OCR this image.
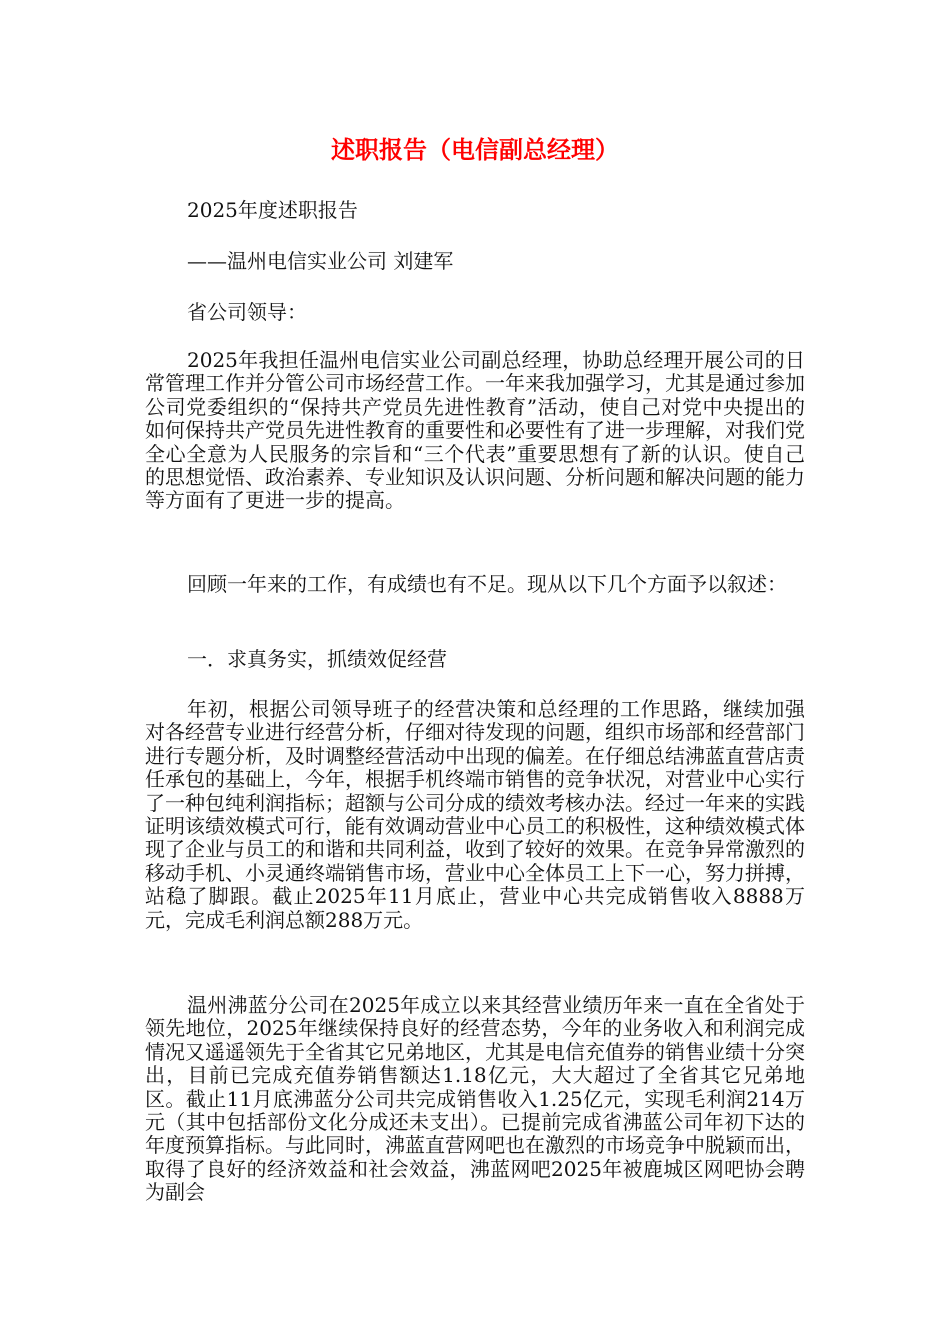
述职报告（电信副总经理）

2025年度述职报告

——温州电信实业公司 刘建军

省公司领导：

2025年我担任温州电信实业公司副总经理，协助总经理开展公司的日常管理工作并分管公司市场经营工作。一年来我加强学习，尤其是通过参加公司党委组织的“保持共产党员先进性教育”活动，使自己对党中央提出的如何保持共产党员先进性教育的重要性和必要性有了进一步理解，对我们党全心全意为人民服务的宗旨和“三个代表”重要思想有了新的认识。使自己的思想觉悟、政治素养、专业知识及认识问题、分析问题和解决问题的能力等方面有了更进一步的提高。

回顾一年来的工作，有成绩也有不足。现从以下几个方面予以叙述：

一．求真务实，抓绩效促经营

年初，根据公司领导班子的经营决策和总经理的工作思路，继续加强对各经营专业进行经营分析，仔细对待发现的问题，组织市场部和经营部门进行专题分析，及时调整经营活动中出现的偏差。在仔细总结沸蓝直营店责任承包的基础上，今年，根据手机终端市销售的竞争状况，对营业中心实行了一种包纯利润指标；超额与公司分成的绩效考核办法。经过一年来的实践证明该绩效模式可行，能有效调动营业中心员工的积极性，这种绩效模式体现了企业与员工的和谐和共同利益，收到了较好的效果。在竞争异常激烈的移动手机、小灵通终端销售市场，营业中心全体员工上下一心，努力拼搏，站稳了脚跟。截止2025年11月底止，营业中心共完成销售收入8888万元，完成毛利润总额288万元。

温州沸蓝分公司在2025年成立以来其经营业绩历年来一直在全省处于领先地位，2025年继续保持良好的经营态势，今年的业务收入和利润完成情况又遥遥领先于全省其它兄弟地区，尤其是电信充值券的销售业绩十分突出，目前已完成充值券销售额达1.18亿元，大大超过了全省其它兄弟地区。截止11月底沸蓝分公司共完成销售收入1.25亿元，实现毛利润214万元（其中包括部份文化分成还未支出）。已提前完成省沸蓝公司年初下达的年度预算指标。与此同时，沸蓝直营网吧也在激烈的市场竞争中脱颖而出，取得了良好的经济效益和社会效益，沸蓝网吧2025年被鹿城区网吧协会聘为副会
